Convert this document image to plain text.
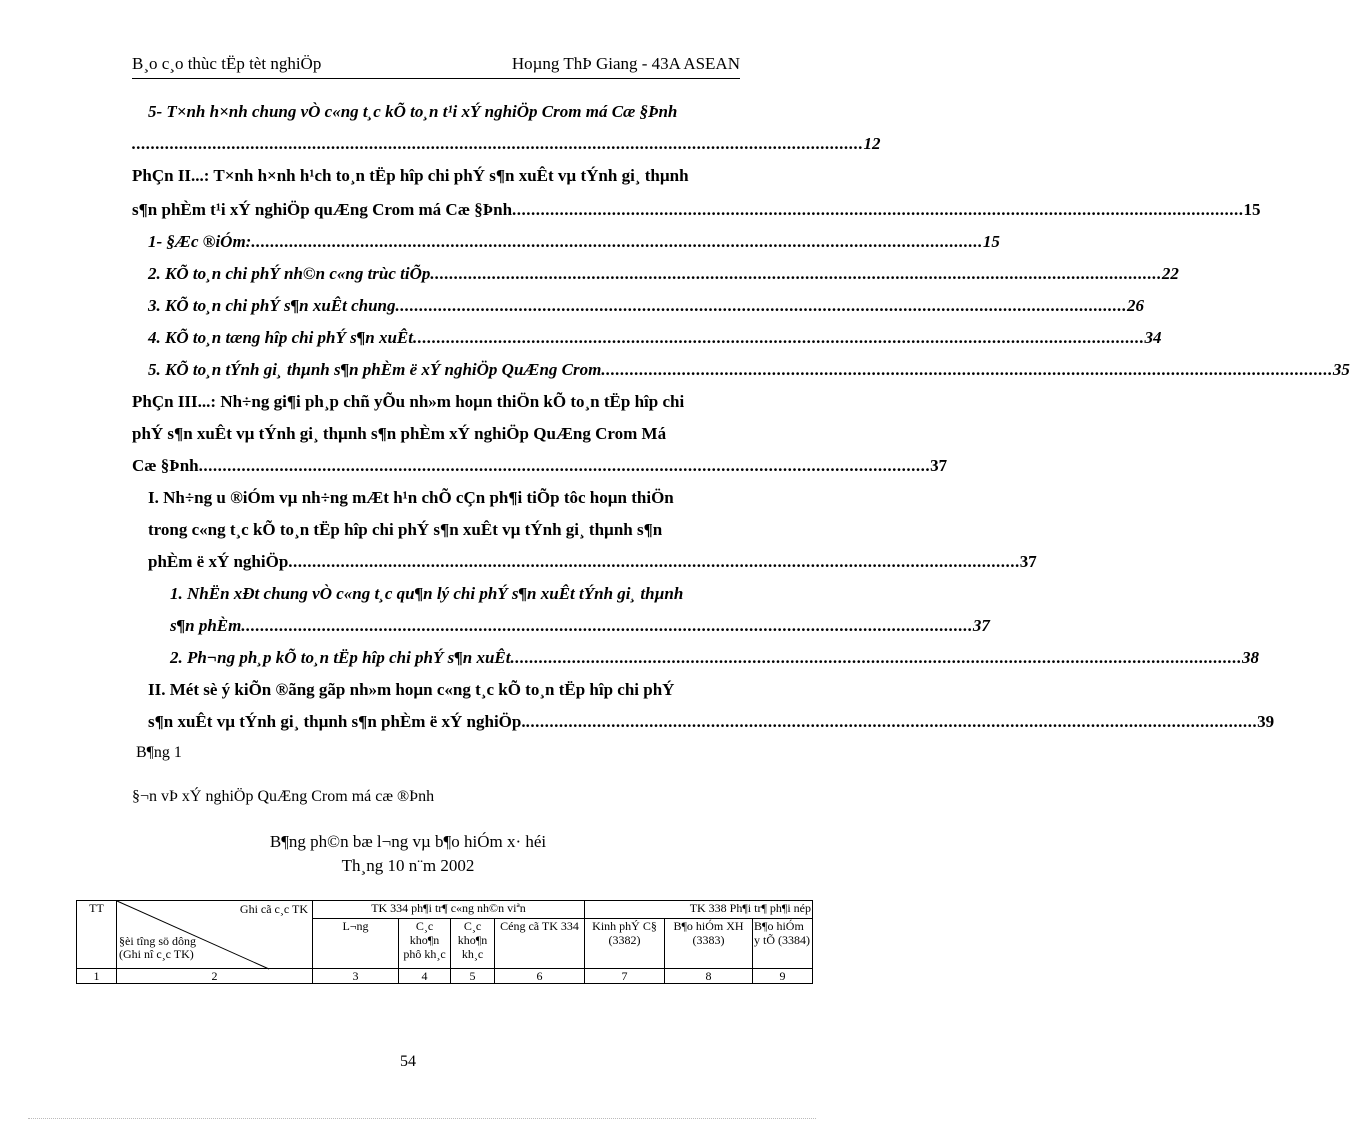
B¸o c¸o thùc tËp tèt nghiÖp	Hoµng ThÞ Giang - 43A ASEAN
5- T×nh h×nh chung vÒ c«ng t¸c kÕ to¸n t¹i xÝ nghiÖp Crom má Cæ §Þnh
.......................................................................................................................................................... 12
PhÇn II...: T×nh h×nh h¹ch to¸n tËp hîp chi phÝ s¶n xuÊt vµ tÝnh gi¸ thµnh
s¶n phÈm t¹i xÝ nghiÖp quÆng Crom má Cæ §Þnh .......................................................................................................................................................... 15
1- §Æc ®iÓm: .......................................................................................................................................................... 15
2. KÕ to¸n chi phÝ nh©n c«ng trùc tiÕp .......................................................................................................................................................... 22
3. KÕ to¸n chi phÝ s¶n xuÊt chung .......................................................................................................................................................... 26
4. KÕ to¸n tæng hîp chi phÝ s¶n xuÊt .......................................................................................................................................................... 34
5. KÕ to¸n tÝnh gi¸ thµnh s¶n phÈm ë xÝ nghiÖp QuÆng Crom .......................................................................................................................................................... 35
PhÇn III...: Nh÷ng gi¶i ph¸p chñ yÕu nh»m hoµn thiÖn kÕ to¸n tËp hîp chi
phÝ s¶n xuÊt vµ tÝnh gi¸ thµnh s¶n phÈm xÝ nghiÖp QuÆng Crom Má
Cæ §Þnh .......................................................................................................................................................... 37
I. Nh÷ng u ®iÓm vµ nh÷ng mÆt h¹n chÕ cÇn ph¶i tiÕp tôc hoµn thiÖn
trong c«ng t¸c kÕ to¸n tËp hîp chi phÝ s¶n xuÊt vµ tÝnh gi¸ thµnh s¶n
phÈm ë xÝ nghiÖp .......................................................................................................................................................... 37
1. NhËn xÐt chung vÒ c«ng t¸c qu¶n lý chi phÝ s¶n xuÊt tÝnh gi¸ thµnh
s¶n phÈm .......................................................................................................................................................... 37
2. Ph¬ng ph¸p kÕ to¸n tËp hîp chi phÝ s¶n xuÊt .......................................................................................................................................................... 38
II. Mét sè ý kiÕn ®ãng gãp nh»m hoµn c«ng t¸c kÕ to¸n tËp hîp chi phÝ
s¶n xuÊt vµ tÝnh gi¸ thµnh s¶n phÈm ë xÝ nghiÖp. .......................................................................................................................................................... 39
B¶ng 1
§¬n vÞ xÝ nghiÖp QuÆng Crom má cæ ®Þnh
B¶ng ph©n bæ l¬ng vµ b¶o hiÓm x· héi
Th¸ng 10 n¨m 2002
TT	Ghi cã c¸c TK
§èi tîng sö dông (Ghi nî c¸c TK)	TK 334 ph¶i tr¶ c«ng nh©n viªn				TK 338 Ph¶i tr¶ ph¶i nép		
		L¬ng	C¸c kho¶n phô kh¸c	C¸c kho¶n kh¸c	Céng cã TK 334	Kinh phÝ C§ (3382)	B¶o hiÓm XH (3383)	B¶o hiÓm y tÕ (3384)
1	2	3	4	5	6	7	8	9
54
